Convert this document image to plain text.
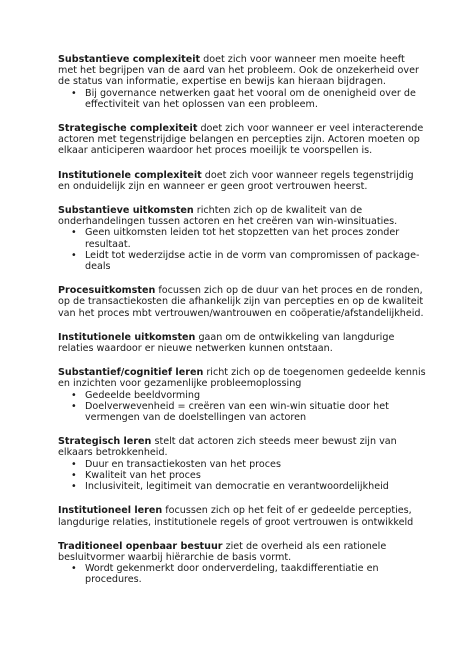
Substantieve complexiteit doet zich voor wanneer men moeite heeft met het begrijpen van de aard van het probleem. Ook de onzekerheid over de status van informatie, expertise en bewijs kan hieraan bijdragen.

• Bij governance netwerken gaat het vooral om de onenigheid over de effectiviteit van het oplossen van een probleem.

Strategische complexiteit doet zich voor wanneer er veel interacterende actoren met tegenstrijdige belangen en percepties zijn. Actoren moeten op elkaar anticiperen waardoor het proces moeilijk te voorspellen is.

Institutionele complexiteit doet zich voor wanneer regels tegenstrijdig en onduidelijk zijn en wanneer er geen groot vertrouwen heerst.

Substantieve uitkomsten richten zich op de kwaliteit van de onderhandelingen tussen actoren en het creëren van win-winsituaties.

• Geen uitkomsten leiden tot het stopzetten van het proces zonder resultaat.
• Leidt tot wederzijdse actie in de vorm van compromissen of package-deals

Procesuitkomsten focussen zich op de duur van het proces en de ronden, op de transactiekosten die afhankelijk zijn van percepties en op de kwaliteit van het proces mbt vertrouwen/wantrouwen en coöperatie/afstandelijkheid.

Institutionele uitkomsten gaan om de ontwikkeling van langdurige relaties waardoor er nieuwe netwerken kunnen ontstaan.

Substantief/cognitief leren richt zich op de toegenomen gedeelde kennis en inzichten voor gezamenlijke probleemoplossing

• Gedeelde beeldvorming
• Doelverwevenheid = creëren van een win-win situatie door het vermengen van de doelstellingen van actoren

Strategisch leren stelt dat actoren zich steeds meer bewust zijn van elkaars betrokkenheid.

• Duur en transactiekosten van het proces
• Kwaliteit van het proces
• Inclusiviteit, legitimeit van democratie en verantwoordelijkheid

Institutioneel leren focussen zich op het feit of er gedeelde percepties, langdurige relaties, institutionele regels of groot vertrouwen is ontwikkeld

Traditioneel openbaar bestuur ziet de overheid als een rationele besluitvormer waarbij hiërarchie de basis vormt.

• Wordt gekenmerkt door onderverdeling, taakdifferentiatie en procedures.
